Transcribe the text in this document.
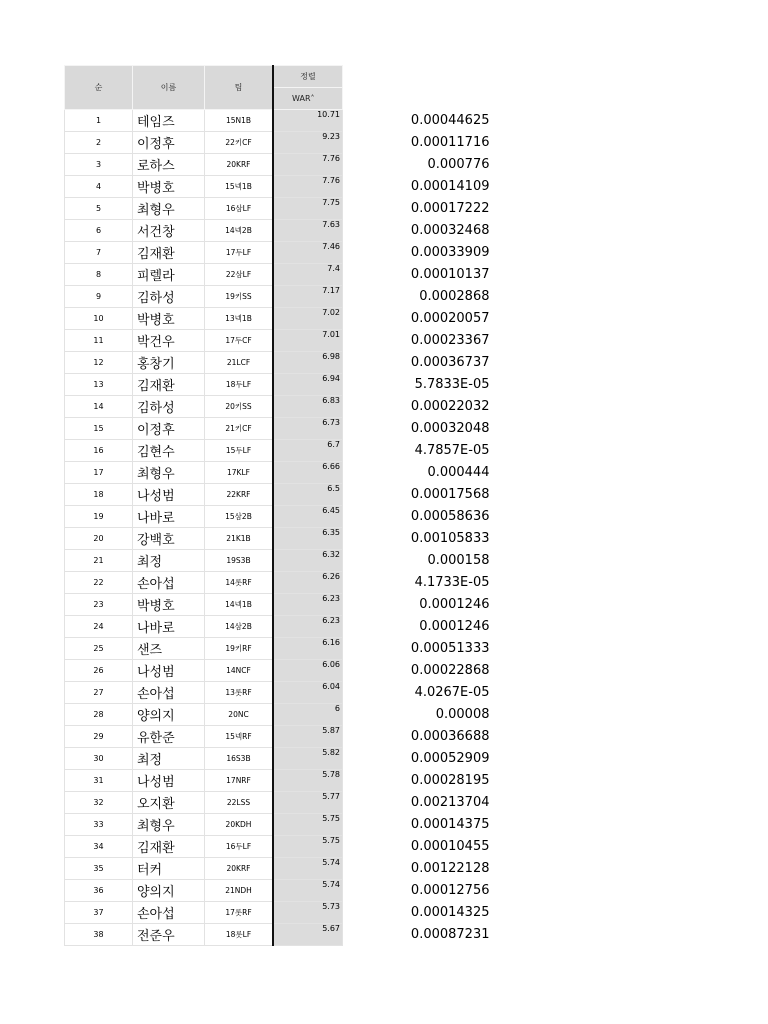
순	이름	팀	정렬		
			WAR˄		
1	테임즈	15N1B	10.71		0.00044625
2	이정후	22키CF	9.23		0.00011716
3	로하스	20KRF	7.76		0.000776
4	박병호	15넥1B	7.76		0.00014109
5	최형우	16삼LF	7.75		0.00017222
6	서건창	14넥2B	7.63		0.00032468
7	김재환	17두LF	7.46		0.00033909
8	피렐라	22삼LF	7.4		0.00010137
9	김하성	19키SS	7.17		0.0002868
10	박병호	13넥1B	7.02		0.00020057
11	박건우	17두CF	7.01		0.00023367
12	홍창기	21LCF	6.98		0.00036737
13	김재환	18두LF	6.94		5.7833E-05
14	김하성	20키SS	6.83		0.00022032
15	이정후	21키CF	6.73		0.00032048
16	김현수	15두LF	6.7		4.7857E-05
17	최형우	17KLF	6.66		0.000444
18	나성범	22KRF	6.5		0.00017568
19	나바로	15삼2B	6.45		0.00058636
20	강백호	21K1B	6.35		0.00105833
21	최정	19S3B	6.32		0.000158
22	손아섭	14롯RF	6.26		4.1733E-05
23	박병호	14넥1B	6.23		0.0001246
24	나바로	14삼2B	6.23		0.0001246
25	샌즈	19키RF	6.16		0.00051333
26	나성범	14NCF	6.06		0.00022868
27	손아섭	13롯RF	6.04		4.0267E-05
28	양의지	20NC	6		0.00008
29	유한준	15넥RF	5.87		0.00036688
30	최정	16S3B	5.82		0.00052909
31	나성범	17NRF	5.78		0.00028195
32	오지환	22LSS	5.77		0.00213704
33	최형우	20KDH	5.75		0.00014375
34	김재환	16두LF	5.75		0.00010455
35	터커	20KRF	5.74		0.00122128
36	양의지	21NDH	5.74		0.00012756
37	손아섭	17롯RF	5.73		0.00014325
38	전준우	18롯LF	5.67		0.00087231
